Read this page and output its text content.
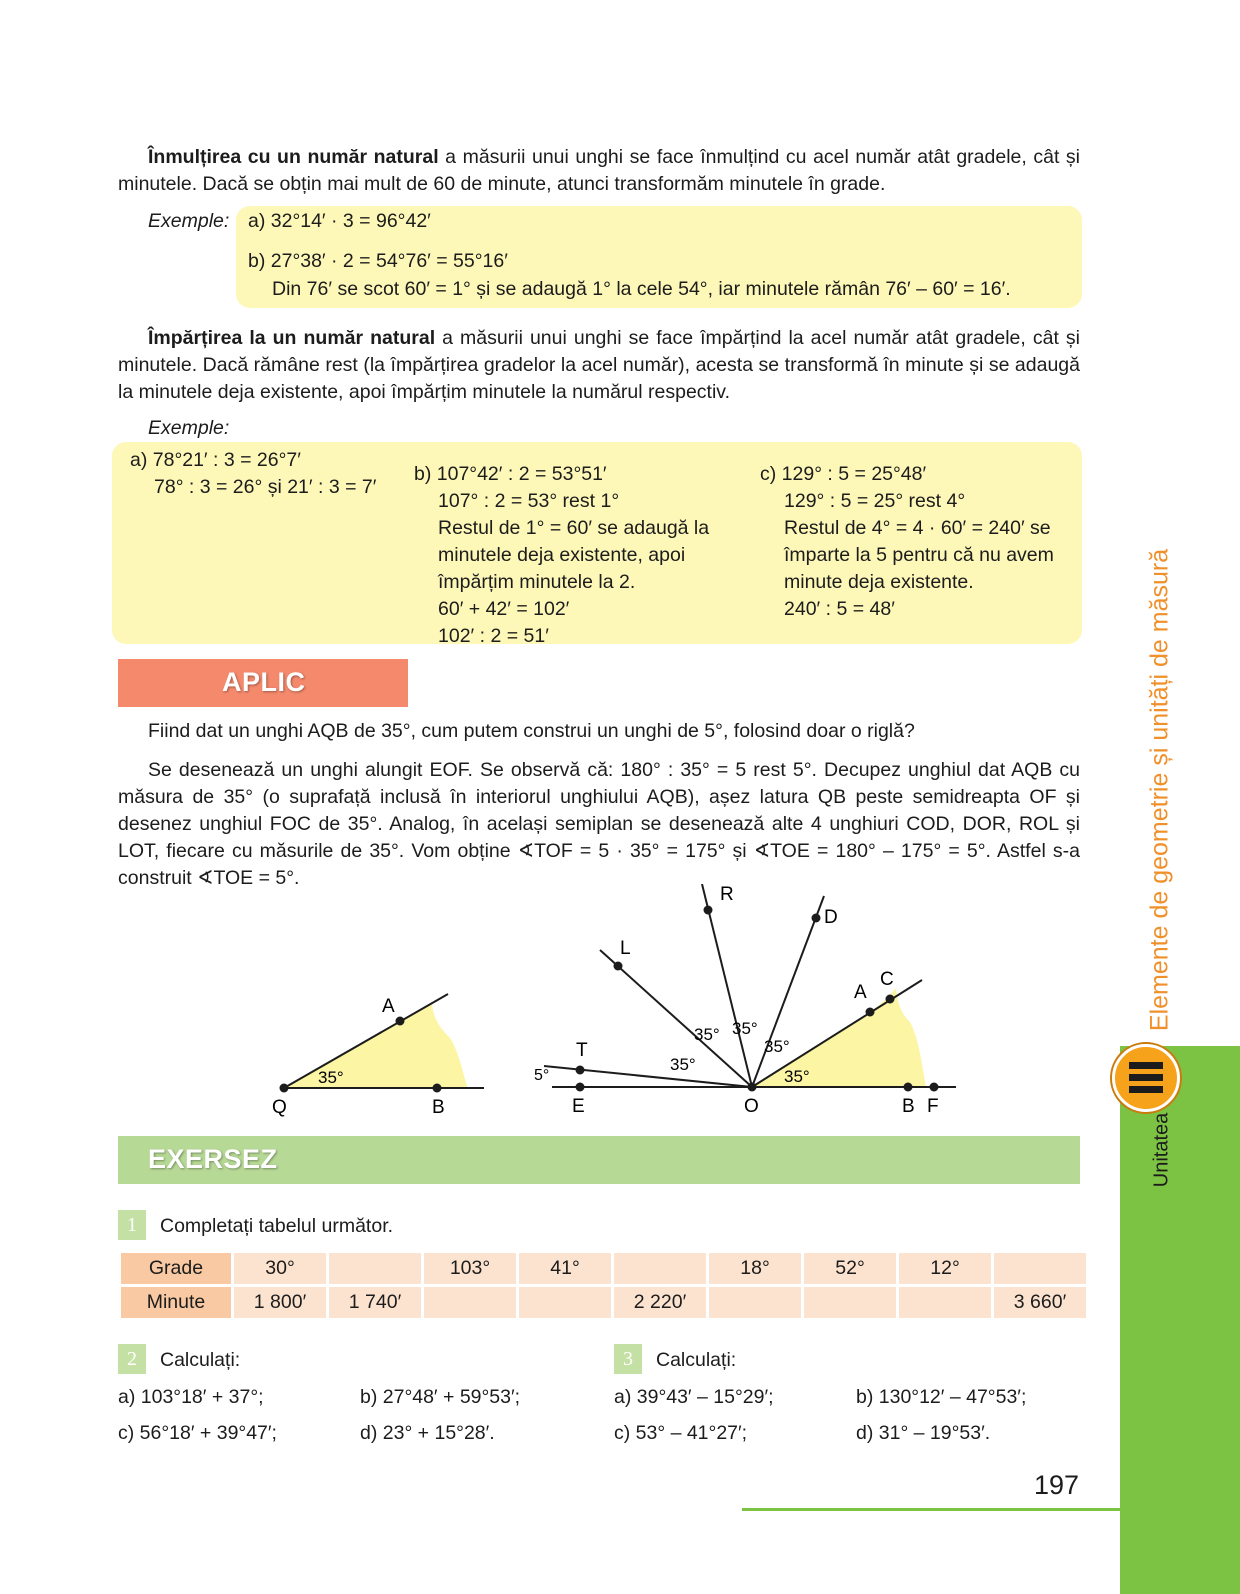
Înmulțirea cu un număr natural a măsurii unui unghi se face înmulțind cu acel număr atât gradele, cât și minutele. Dacă se obțin mai mult de 60 de minute, atunci transformăm minutele în grade.

Exemple: a) 32°14′ · 3 = 96°42′

b) 27°38′ · 2 = 54°76′ = 55°16′

Din 76′ se scot 60′ = 1° și se adaugă 1° la cele 54°, iar minutele rămân 76′ – 60′ = 16′.

Împărțirea la un număr natural a măsurii unui unghi se face împărțind la acel număr atât gradele, cât și minutele. Dacă rămâne rest (la împărțirea gradelor la acel număr), acesta se transformă în minute și se adaugă la minutele deja existente, apoi împărțim minutele la numărul respectiv.

Exemple:

a) 78°21′ : 3 = 26°7′
78° : 3 = 26° și 21′ : 3 = 7′
b) 107°42′ : 2 = 53°51′
107° : 2 = 53° rest 1°
Restul de 1° = 60′ se adaugă la
minutele deja existente, apoi
împărțim minutele la 2.
60′ + 42′ = 102′
102′ : 2 = 51′
c) 129° : 5 = 25°48′
129° : 5 = 25° rest 4°
Restul de 4° = 4 · 60′ = 240′ se
împarte la 5 pentru că nu avem
minute deja existente.
240′ : 5 = 48′
APLIC

Fiind dat un unghi AQB de 35°, cum putem construi un unghi de 5°, folosind doar o riglă?

Se desenează un unghi alungit EOF. Se observă că: 180° : 35° = 5 rest 5°. Decupez unghiul dat AQB cu măsura de 35° (o suprafață inclusă în interiorul unghiului AQB), așez latura QB peste semidreapta OF și desenez unghiul FOC de 35°. Analog, în același semiplan se desenează alte 4 unghiuri COD, DOR, ROL și LOT, fiecare cu măsurile de 35°. Vom obține ∢TOF = 5 · 35° = 175° și ∢TOE = 180° – 175° = 5°. Astfel s-a construit ∢TOE = 5°.

A
Q	B
35°
R
D
L
A
C
T
E	O	B F
5°
35°
35° 35°
35°
35°
EXERSEZ
1	Completați tabelul următor.

Grade	30°		103°	41°		18°	52°	12°	
Minute	1 800′	1 740′			2 220′				3 660′
2	Calculați:

a) 103°18′ + 37°;	b) 27°48′ + 59°53′;
c) 56°18′ + 39°47′;	d) 23° + 15°28′.
3	Calculați:

a) 39°43′ – 15°29′;	b) 130°12′ – 47°53′;
c) 53° – 41°27′;	d) 31° – 19°53′.
197
Elemente de geometrie și unități de măsură
Unitatea
